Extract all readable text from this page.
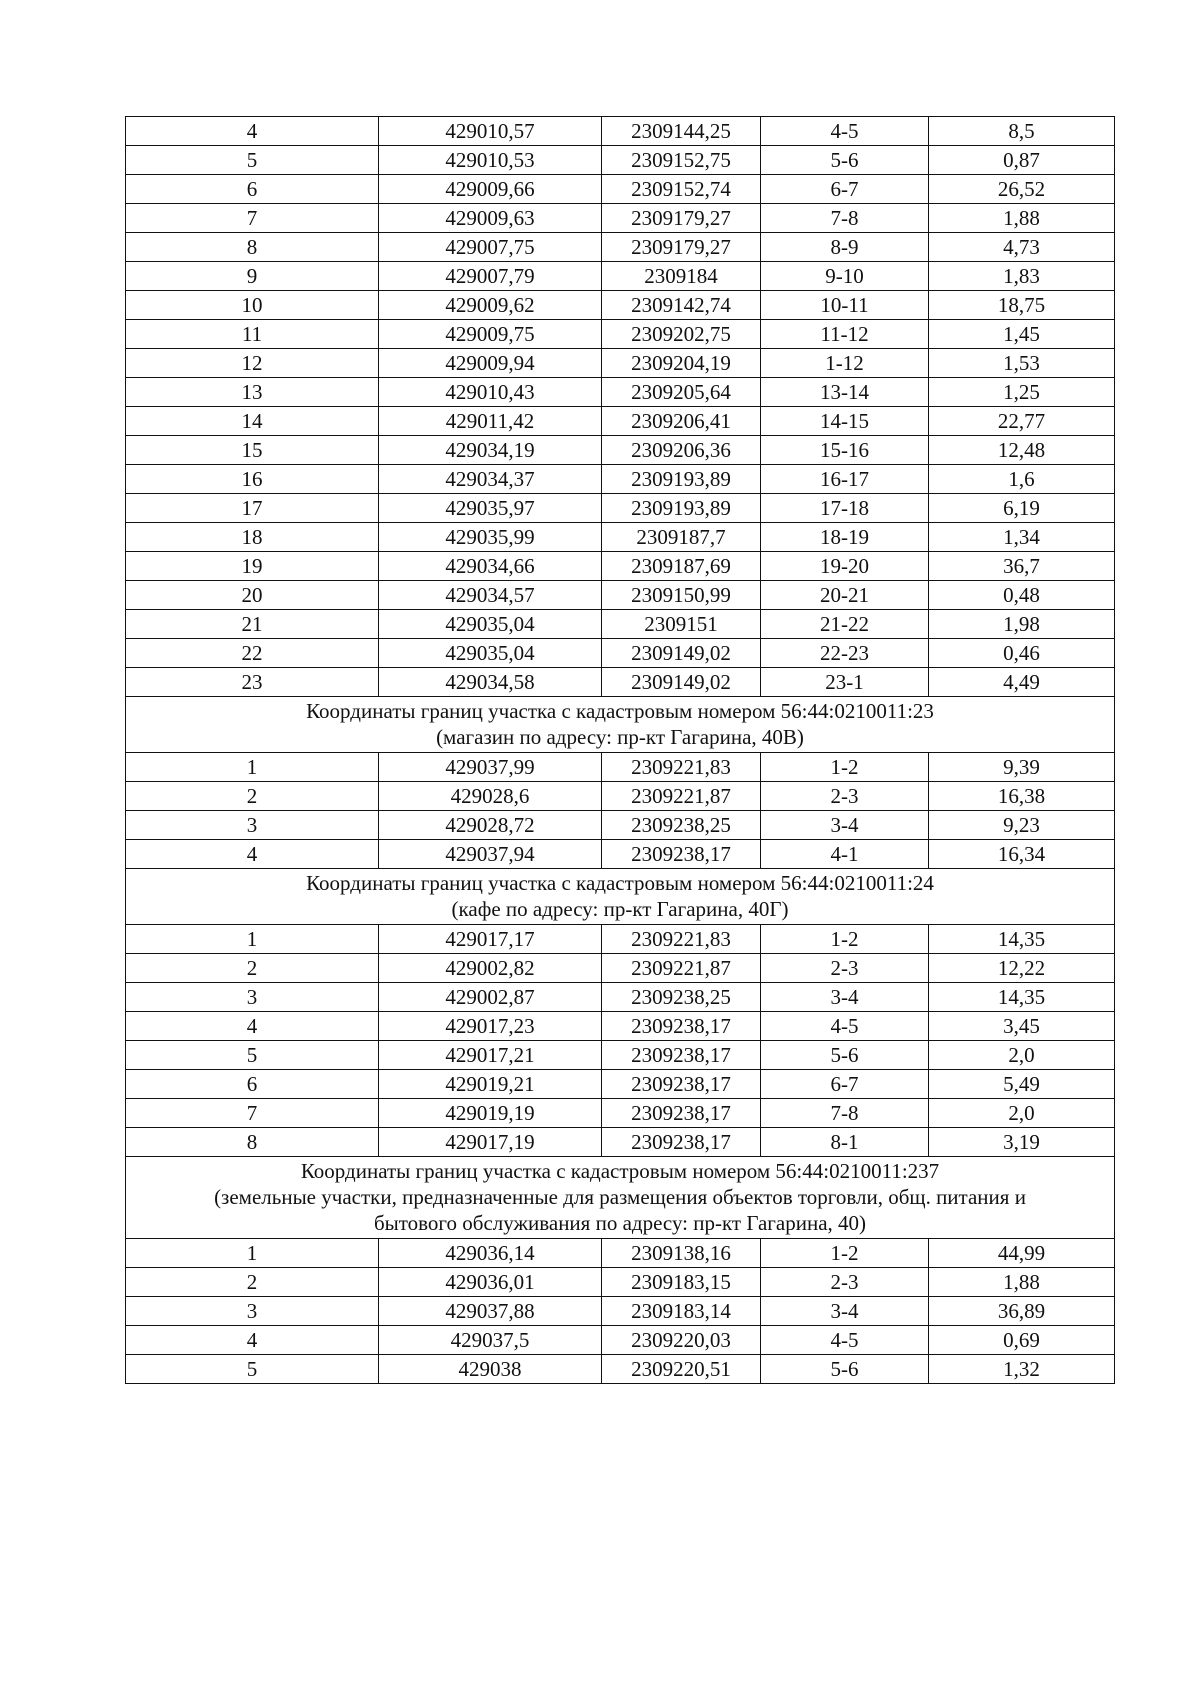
4	429010,57	2309144,25	4-5	8,5
5	429010,53	2309152,75	5-6	0,87
6	429009,66	2309152,74	6-7	26,52
7	429009,63	2309179,27	7-8	1,88
8	429007,75	2309179,27	8-9	4,73
9	429007,79	2309184	9-10	1,83
10	429009,62	2309142,74	10-11	18,75
11	429009,75	2309202,75	11-12	1,45
12	429009,94	2309204,19	1-12	1,53
13	429010,43	2309205,64	13-14	1,25
14	429011,42	2309206,41	14-15	22,77
15	429034,19	2309206,36	15-16	12,48
16	429034,37	2309193,89	16-17	1,6
17	429035,97	2309193,89	17-18	6,19
18	429035,99	2309187,7	18-19	1,34
19	429034,66	2309187,69	19-20	36,7
20	429034,57	2309150,99	20-21	0,48
21	429035,04	2309151	21-22	1,98
22	429035,04	2309149,02	22-23	0,46
23	429034,58	2309149,02	23-1	4,49

Координаты границ участка с кадастровым номером 56:44:0210011:23
(магазин по адресу: пр-кт Гагарина, 40В)				

1	429037,99	2309221,83	1-2	9,39
2	429028,6	2309221,87	2-3	16,38
3	429028,72	2309238,25	3-4	9,23
4	429037,94	2309238,17	4-1	16,34

Координаты границ участка с кадастровым номером 56:44:0210011:24
(кафе по адресу: пр-кт Гагарина, 40Г)				

1	429017,17	2309221,83	1-2	14,35
2	429002,82	2309221,87	2-3	12,22
3	429002,87	2309238,25	3-4	14,35
4	429017,23	2309238,17	4-5	3,45
5	429017,21	2309238,17	5-6	2,0
6	429019,21	2309238,17	6-7	5,49
7	429019,19	2309238,17	7-8	2,0
8	429017,19	2309238,17	8-1	3,19

Координаты границ участка с кадастровым номером 56:44:0210011:237
(земельные участки, предназначенные для размещения объектов торговли, общ. питания и
бытового обслуживания по адресу: пр-кт Гагарина, 40)				

1	429036,14	2309138,16	1-2	44,99
2	429036,01	2309183,15	2-3	1,88
3	429037,88	2309183,14	3-4	36,89
4	429037,5	2309220,03	4-5	0,69
5	429038	2309220,51	5-6	1,32
